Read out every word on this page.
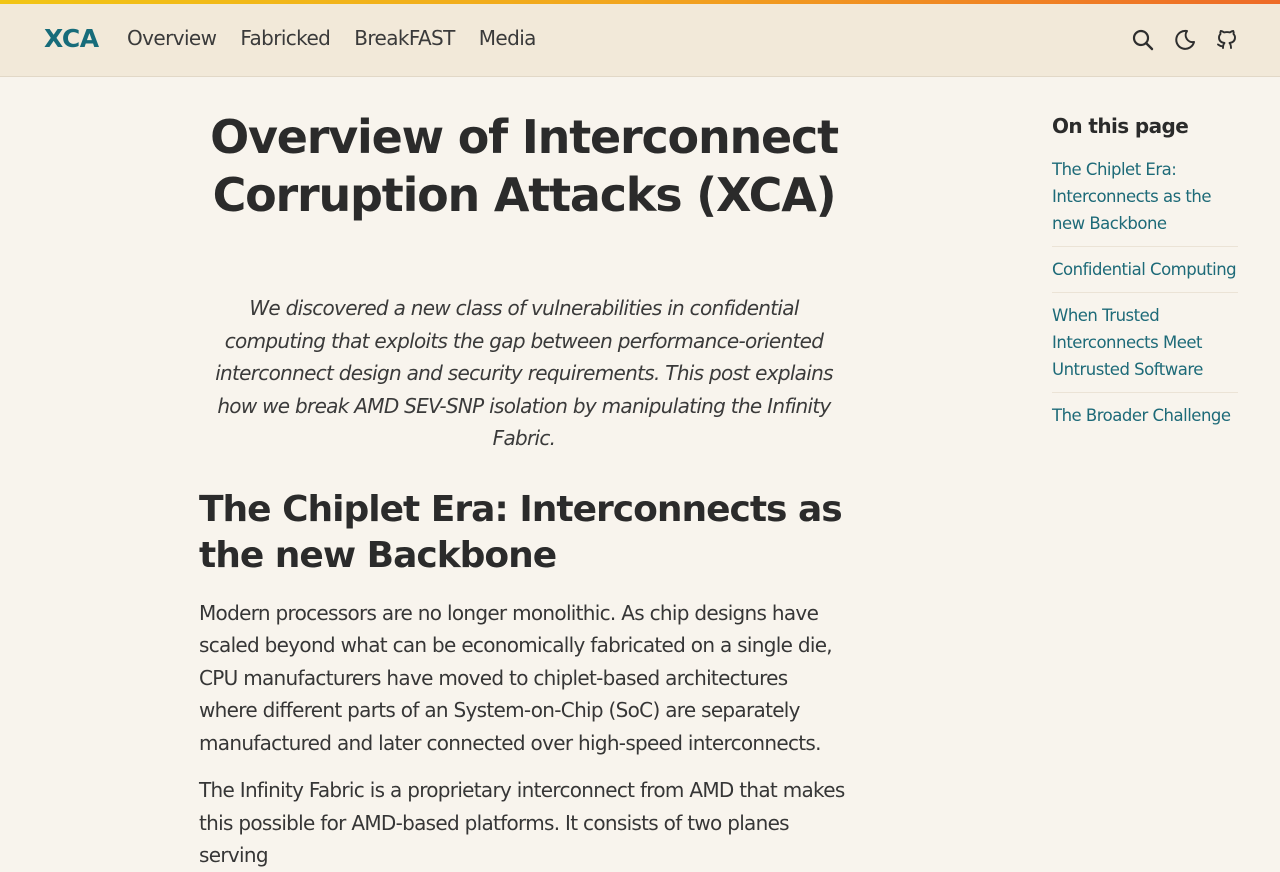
XCA Overview Fabricked BreakFAST Media
Overview of Interconnect Corruption Attacks (XCA)

We discovered a new class of vulnerabilities in confidential computing that exploits the gap between performance-oriented interconnect design and security requirements. This post explains how we break AMD SEV-SNP isolation by manipulating the Infinity Fabric.

The Chiplet Era: Interconnects as the new Backbone

Modern processors are no longer monolithic. As chip designs have scaled beyond what can be economically fabricated on a single die, CPU manufacturers have moved to chiplet-based architectures where different parts of an System-on-Chip (SoC) are separately manufactured and later connected over high-speed interconnects.

The Infinity Fabric is a proprietary interconnect from AMD that makes this possible for AMD-based platforms. It consists of two planes serving

On this page
The Chiplet Era: Interconnects as the new Backbone
Confidential Computing
When Trusted Interconnects Meet Untrusted Software
The Broader Challenge
